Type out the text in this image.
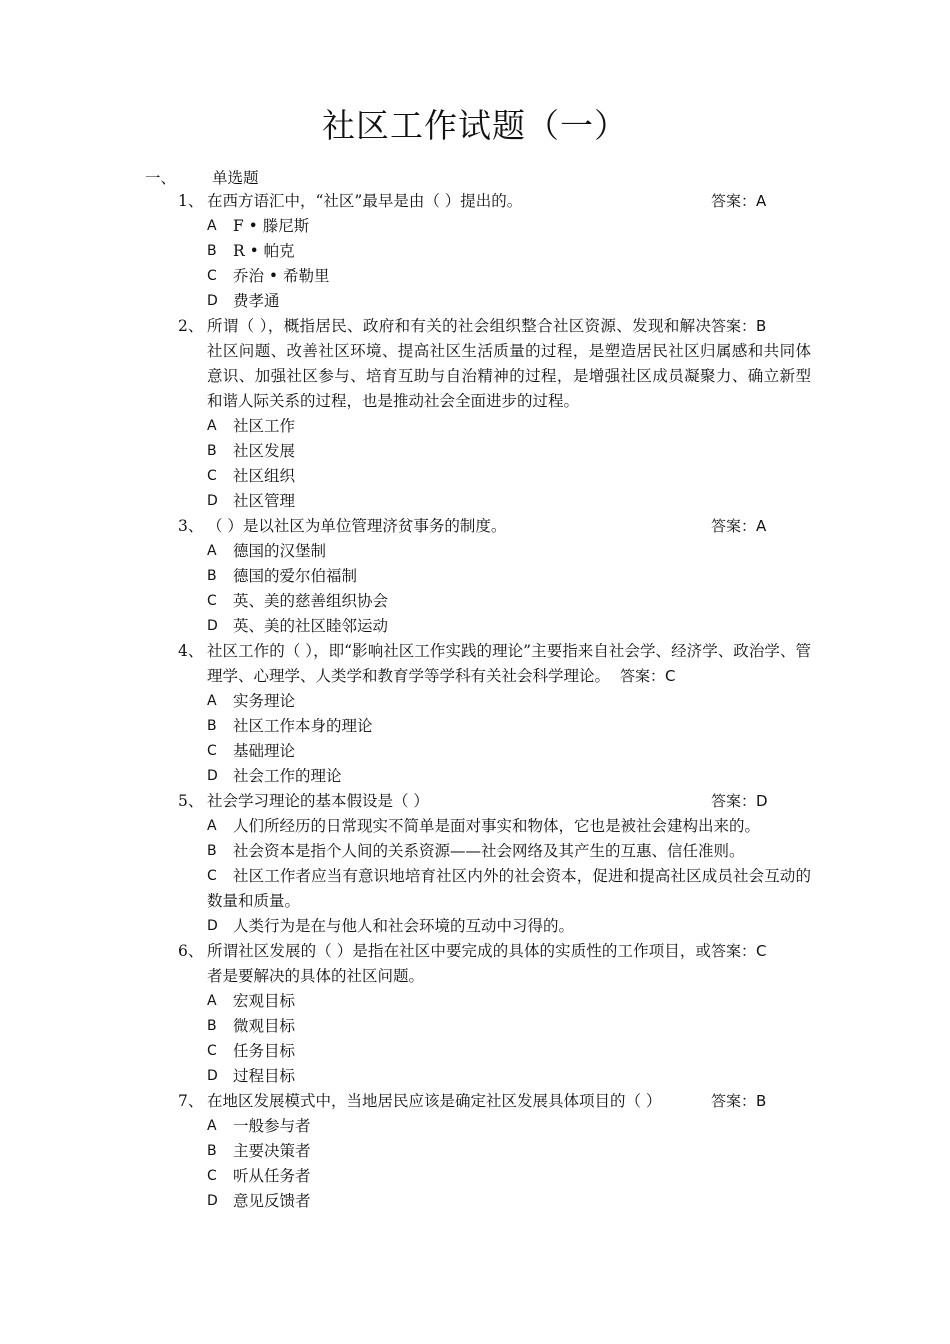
社区工作试题（一）
一、 单选题
1、	答案：A
在西方语汇中，“社区”最早是由（ ）提出的。
A F • 滕尼斯
B R • 帕克
C 乔治 • 希勒里
D 费孝通
2、	答案：B
所谓（ ），概指居民、政府和有关的社会组织整合社区资源、发现和解决社区问题、改善社区环境、提高社区生活质量的过程，是塑造居民社区归属感和共同体意识、加强社区参与、培育互助与自治精神的过程，是增强社区成员凝聚力、确立新型和谐人际关系的过程，也是推动社会全面进步的过程。
A 社区工作
B 社区发展
C 社区组织
D 社区管理
3、	答案：A
（ ）是以社区为单位管理济贫事务的制度。
A 德国的汉堡制
B 德国的爱尔伯福制
C 英、美的慈善组织协会
D 英、美的社区睦邻运动
4、 社区工作的（ ），即“影响社区工作实践的理论”主要指来自社会学、经济学、政治学、管理学、心理学、人类学和教育学等学科有关社会科学理论。 答案：C
A 实务理论
B 社区工作本身的理论
C 基础理论
D 社会工作的理论
5、	答案：D
社会学习理论的基本假设是（ ）
A 人们所经历的日常现实不简单是面对事实和物体，它也是被社会建构出来的。
B 社会资本是指个人间的关系资源——社会网络及其产生的互惠、信任准则。
C	社区工作者应当有意识地培育社区内外的社会资本，促进和提高社区成员社会互动的数量和质量。
D 人类行为是在与他人和社会环境的互动中习得的。
6、	答案：C
所谓社区发展的（ ）是指在社区中要完成的具体的实质性的工作项目，或者是要解决的具体的社区问题。
A 宏观目标
B 微观目标
C 任务目标
D 过程目标
7、	答案：B
在地区发展模式中，当地居民应该是确定社区发展具体项目的（ ）
A 一般参与者
B 主要决策者
C 听从任务者
D 意见反馈者
